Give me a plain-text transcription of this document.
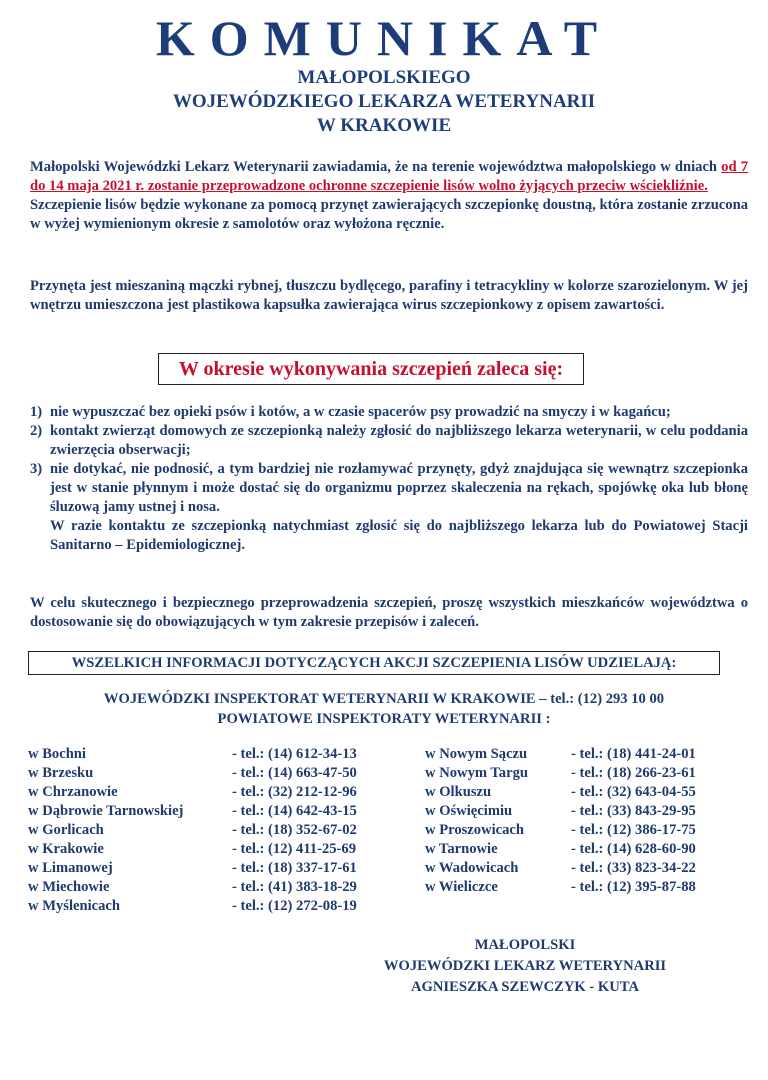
KOMUNIKAT
MAŁOPOLSKIEGO
WOJEWÓDZKIEGO LEKARZA WETERYNARII
W KRAKOWIE
Małopolski Wojewódzki Lekarz Weterynarii zawiadamia, że na terenie województwa małopolskiego w dniach od 7 do 14 maja 2021 r. zostanie przeprowadzone ochronne szczepienie lisów wolno żyjących przeciw wściekliźnie.
Szczepienie lisów będzie wykonane za pomocą przynęt zawierających szczepionkę doustną, która zostanie zrzucona w wyżej wymienionym okresie z samolotów oraz wyłożona ręcznie.
Przynęta jest mieszaniną mączki rybnej, tłuszczu bydlęcego, parafiny i tetracykliny w kolorze szarozielonym. W jej wnętrzu umieszczona jest plastikowa kapsułka zawierająca wirus szczepionkowy z opisem zawartości.
W okresie wykonywania szczepień zaleca się:
1) nie wypuszczać bez opieki psów i kotów, a w czasie spacerów psy prowadzić na smyczy i w kagańcu;
2) kontakt zwierząt domowych ze szczepionką należy zgłosić do najbliższego lekarza weterynarii, w celu poddania zwierzęcia obserwacji;
3) nie dotykać, nie podnosić, a tym bardziej nie rozłamywać przynęty, gdyż znajdująca się wewnątrz szczepionka jest w stanie płynnym i może dostać się do organizmu poprzez skaleczenia na rękach, spojówkę oka lub błonę śluzową jamy ustnej i nosa.
W razie kontaktu ze szczepionką natychmiast zgłosić się do najbliższego lekarza lub do Powiatowej Stacji Sanitarno – Epidemiologicznej.
W celu skutecznego i bezpiecznego przeprowadzenia szczepień, proszę wszystkich mieszkańców województwa o dostosowanie się do obowiązujących w tym zakresie przepisów i zaleceń.
WSZELKICH INFORMACJI DOTYCZĄCYCH AKCJI SZCZEPIENIA LISÓW UDZIELAJĄ:
WOJEWÓDZKI INSPEKTORAT WETERYNARII W KRAKOWIE – tel.: (12) 293 10 00
POWIATOWE INSPEKTORATY WETERYNARII :
w Bochni	- tel.: (14) 612-34-13
w Brzesku	- tel.: (14) 663-47-50
w Chrzanowie	- tel.: (32) 212-12-96
w Dąbrowie Tarnowskiej	- tel.: (14) 642-43-15
w Gorlicach	- tel.: (18) 352-67-02
w Krakowie	- tel.: (12) 411-25-69
w Limanowej	- tel.: (18) 337-17-61
w Miechowie	- tel.: (41) 383-18-29
w Myślenicach	- tel.: (12) 272-08-19
w Nowym Sączu	- tel.: (18) 441-24-01
w Nowym Targu	- tel.: (18) 266-23-61
w Olkuszu	- tel.: (32) 643-04-55
w Oświęcimiu	- tel.: (33) 843-29-95
w Proszowicach	- tel.: (12) 386-17-75
w Tarnowie	- tel.: (14) 628-60-90
w Wadowicach	- tel.: (33) 823-34-22
w Wieliczce	- tel.: (12) 395-87-88
MAŁOPOLSKI
WOJEWÓDZKI LEKARZ WETERYNARII
AGNIESZKA SZEWCZYK - KUTA
